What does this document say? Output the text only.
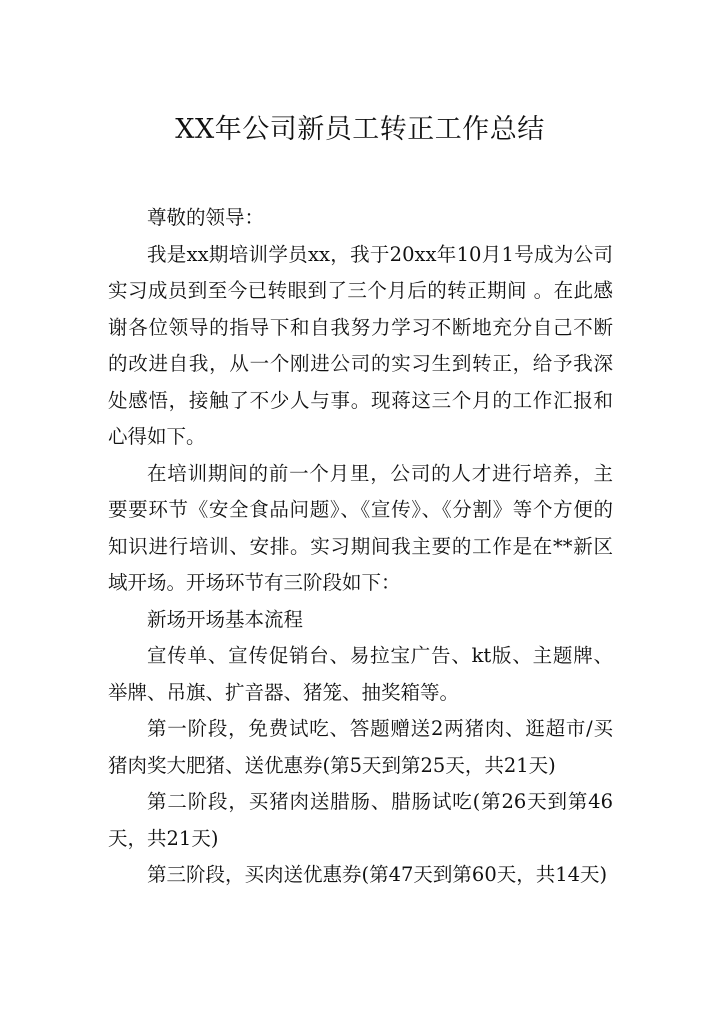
XX年公司新员工转正工作总结

尊敬的领导：

我是xx期培训学员xx，我于20xx年10月1号成为公司实习成员到至今已转眼到了三个月后的转正期间 。在此感谢各位领导的指导下和自我努力学习不断地充分自己不断的改进自我，从一个刚进公司的实习生到转正，给予我深处感悟，接触了不少人与事。现蒋这三个月的工作汇报和心得如下。

在培训期间的前一个月里，公司的人才进行培养，主要要环节《安全食品问题》、《宣传》、《分割》等个方便的知识进行培训、安排。实习期间我主要的工作是在**新区域开场。开场环节有三阶段如下：

新场开场基本流程

宣传单、宣传促销台、易拉宝广告、kt版、主题牌、举牌、吊旗、扩音器、猪笼、抽奖箱等。

第一阶段，免费试吃、答题赠送2两猪肉、逛超市/买猪肉奖大肥猪、送优惠券(第5天到第25天，共21天)

第二阶段，买猪肉送腊肠、腊肠试吃(第26天到第46天，共21天)

第三阶段，买肉送优惠券(第47天到第60天，共14天)
